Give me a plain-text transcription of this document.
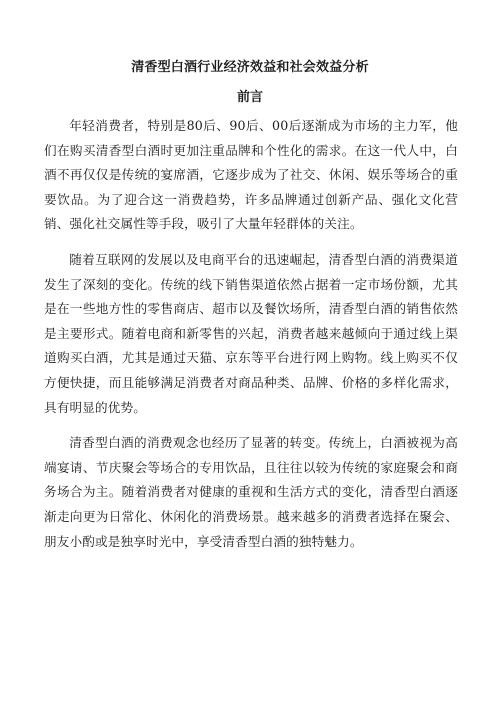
清香型白酒行业经济效益和社会效益分析
前言

年轻消费者，特别是80后、90后、00后逐渐成为市场的主力军，他们在购买清香型白酒时更加注重品牌和个性化的需求。在这一代人中，白酒不再仅仅是传统的宴席酒，它逐步成为了社交、休闲、娱乐等场合的重要饮品。为了迎合这一消费趋势，许多品牌通过创新产品、强化文化营销、强化社交属性等手段，吸引了大量年轻群体的关注。

随着互联网的发展以及电商平台的迅速崛起，清香型白酒的消费渠道发生了深刻的变化。传统的线下销售渠道依然占据着一定市场份额，尤其是在一些地方性的零售商店、超市以及餐饮场所，清香型白酒的销售依然是主要形式。随着电商和新零售的兴起，消费者越来越倾向于通过线上渠道购买白酒，尤其是通过天猫、京东等平台进行网上购物。线上购买不仅方便快捷，而且能够满足消费者对商品种类、品牌、价格的多样化需求，具有明显的优势。

清香型白酒的消费观念也经历了显著的转变。传统上，白酒被视为高端宴请、节庆聚会等场合的专用饮品，且往往以较为传统的家庭聚会和商务场合为主。随着消费者对健康的重视和生活方式的变化，清香型白酒逐渐走向更为日常化、休闲化的消费场景。越来越多的消费者选择在聚会、朋友小酌或是独享时光中，享受清香型白酒的独特魅力。
